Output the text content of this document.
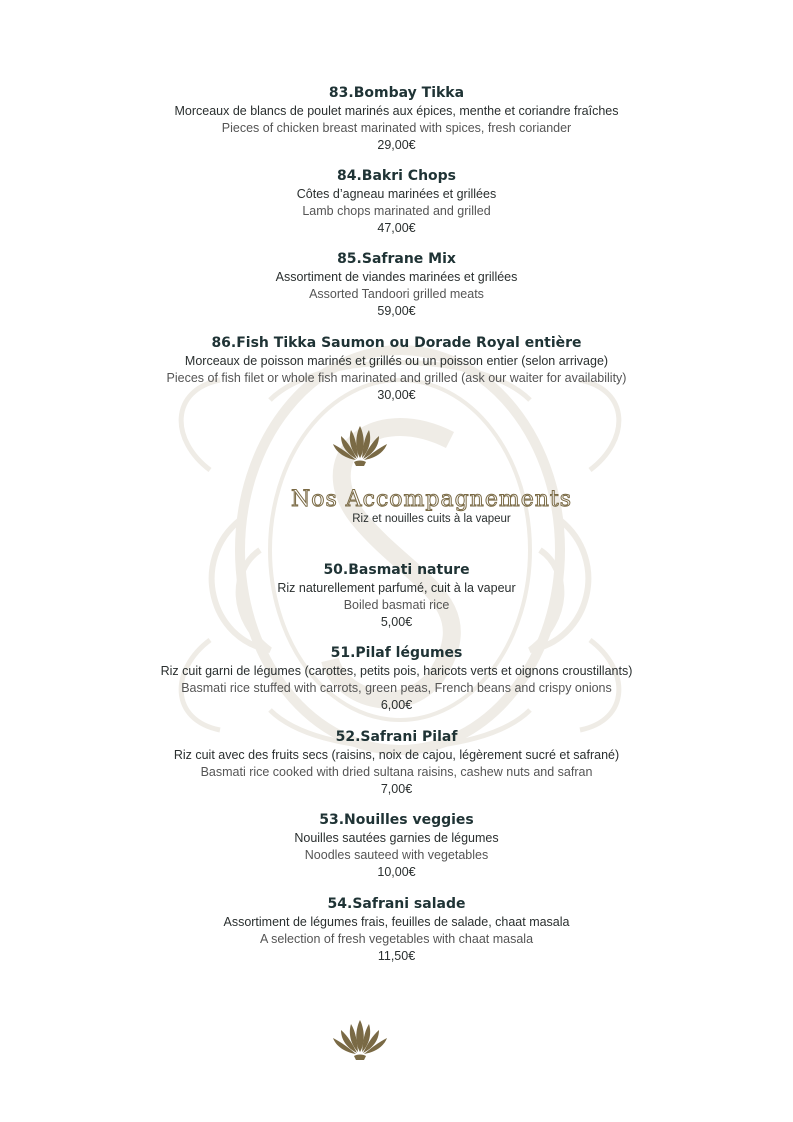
83.Bombay Tikka
Morceaux de blancs de poulet marinés aux épices, menthe et coriandre fraîches
Pieces of chicken breast marinated with spices, fresh coriander
29,00€
84.Bakri Chops
Côtes d’agneau marinées et grillées
Lamb chops marinated and grilled
47,00€
85.Safrane Mix
Assortiment de viandes marinées et grillées
Assorted Tandoori grilled meats
59,00€
86.Fish Tikka Saumon ou Dorade Royal entière
Morceaux de poisson marinés et grillés ou un poisson entier (selon arrivage)
Pieces of fish filet or whole fish marinated and grilled (ask our waiter for availability)
30,00€
Nos Accompagnements
Riz et nouilles cuits à la vapeur
50.Basmati nature
Riz naturellement parfumé, cuit à la vapeur
Boiled basmati rice
5,00€
51.Pilaf légumes
Riz cuit garni de légumes (carottes, petits pois, haricots verts et oignons croustillants)
Basmati rice stuffed with carrots, green peas, French beans and crispy onions
6,00€
52.Safrani Pilaf
Riz cuit avec des fruits secs (raisins, noix de cajou, légèrement sucré et safrané)
Basmati rice cooked with dried sultana raisins, cashew nuts and safran
7,00€
53.Nouilles veggies
Nouilles sautées garnies de légumes
Noodles sauteed with vegetables
10,00€
54.Safrani salade
Assortiment de légumes frais, feuilles de salade, chaat masala
A selection of fresh vegetables with chaat masala
11,50€
